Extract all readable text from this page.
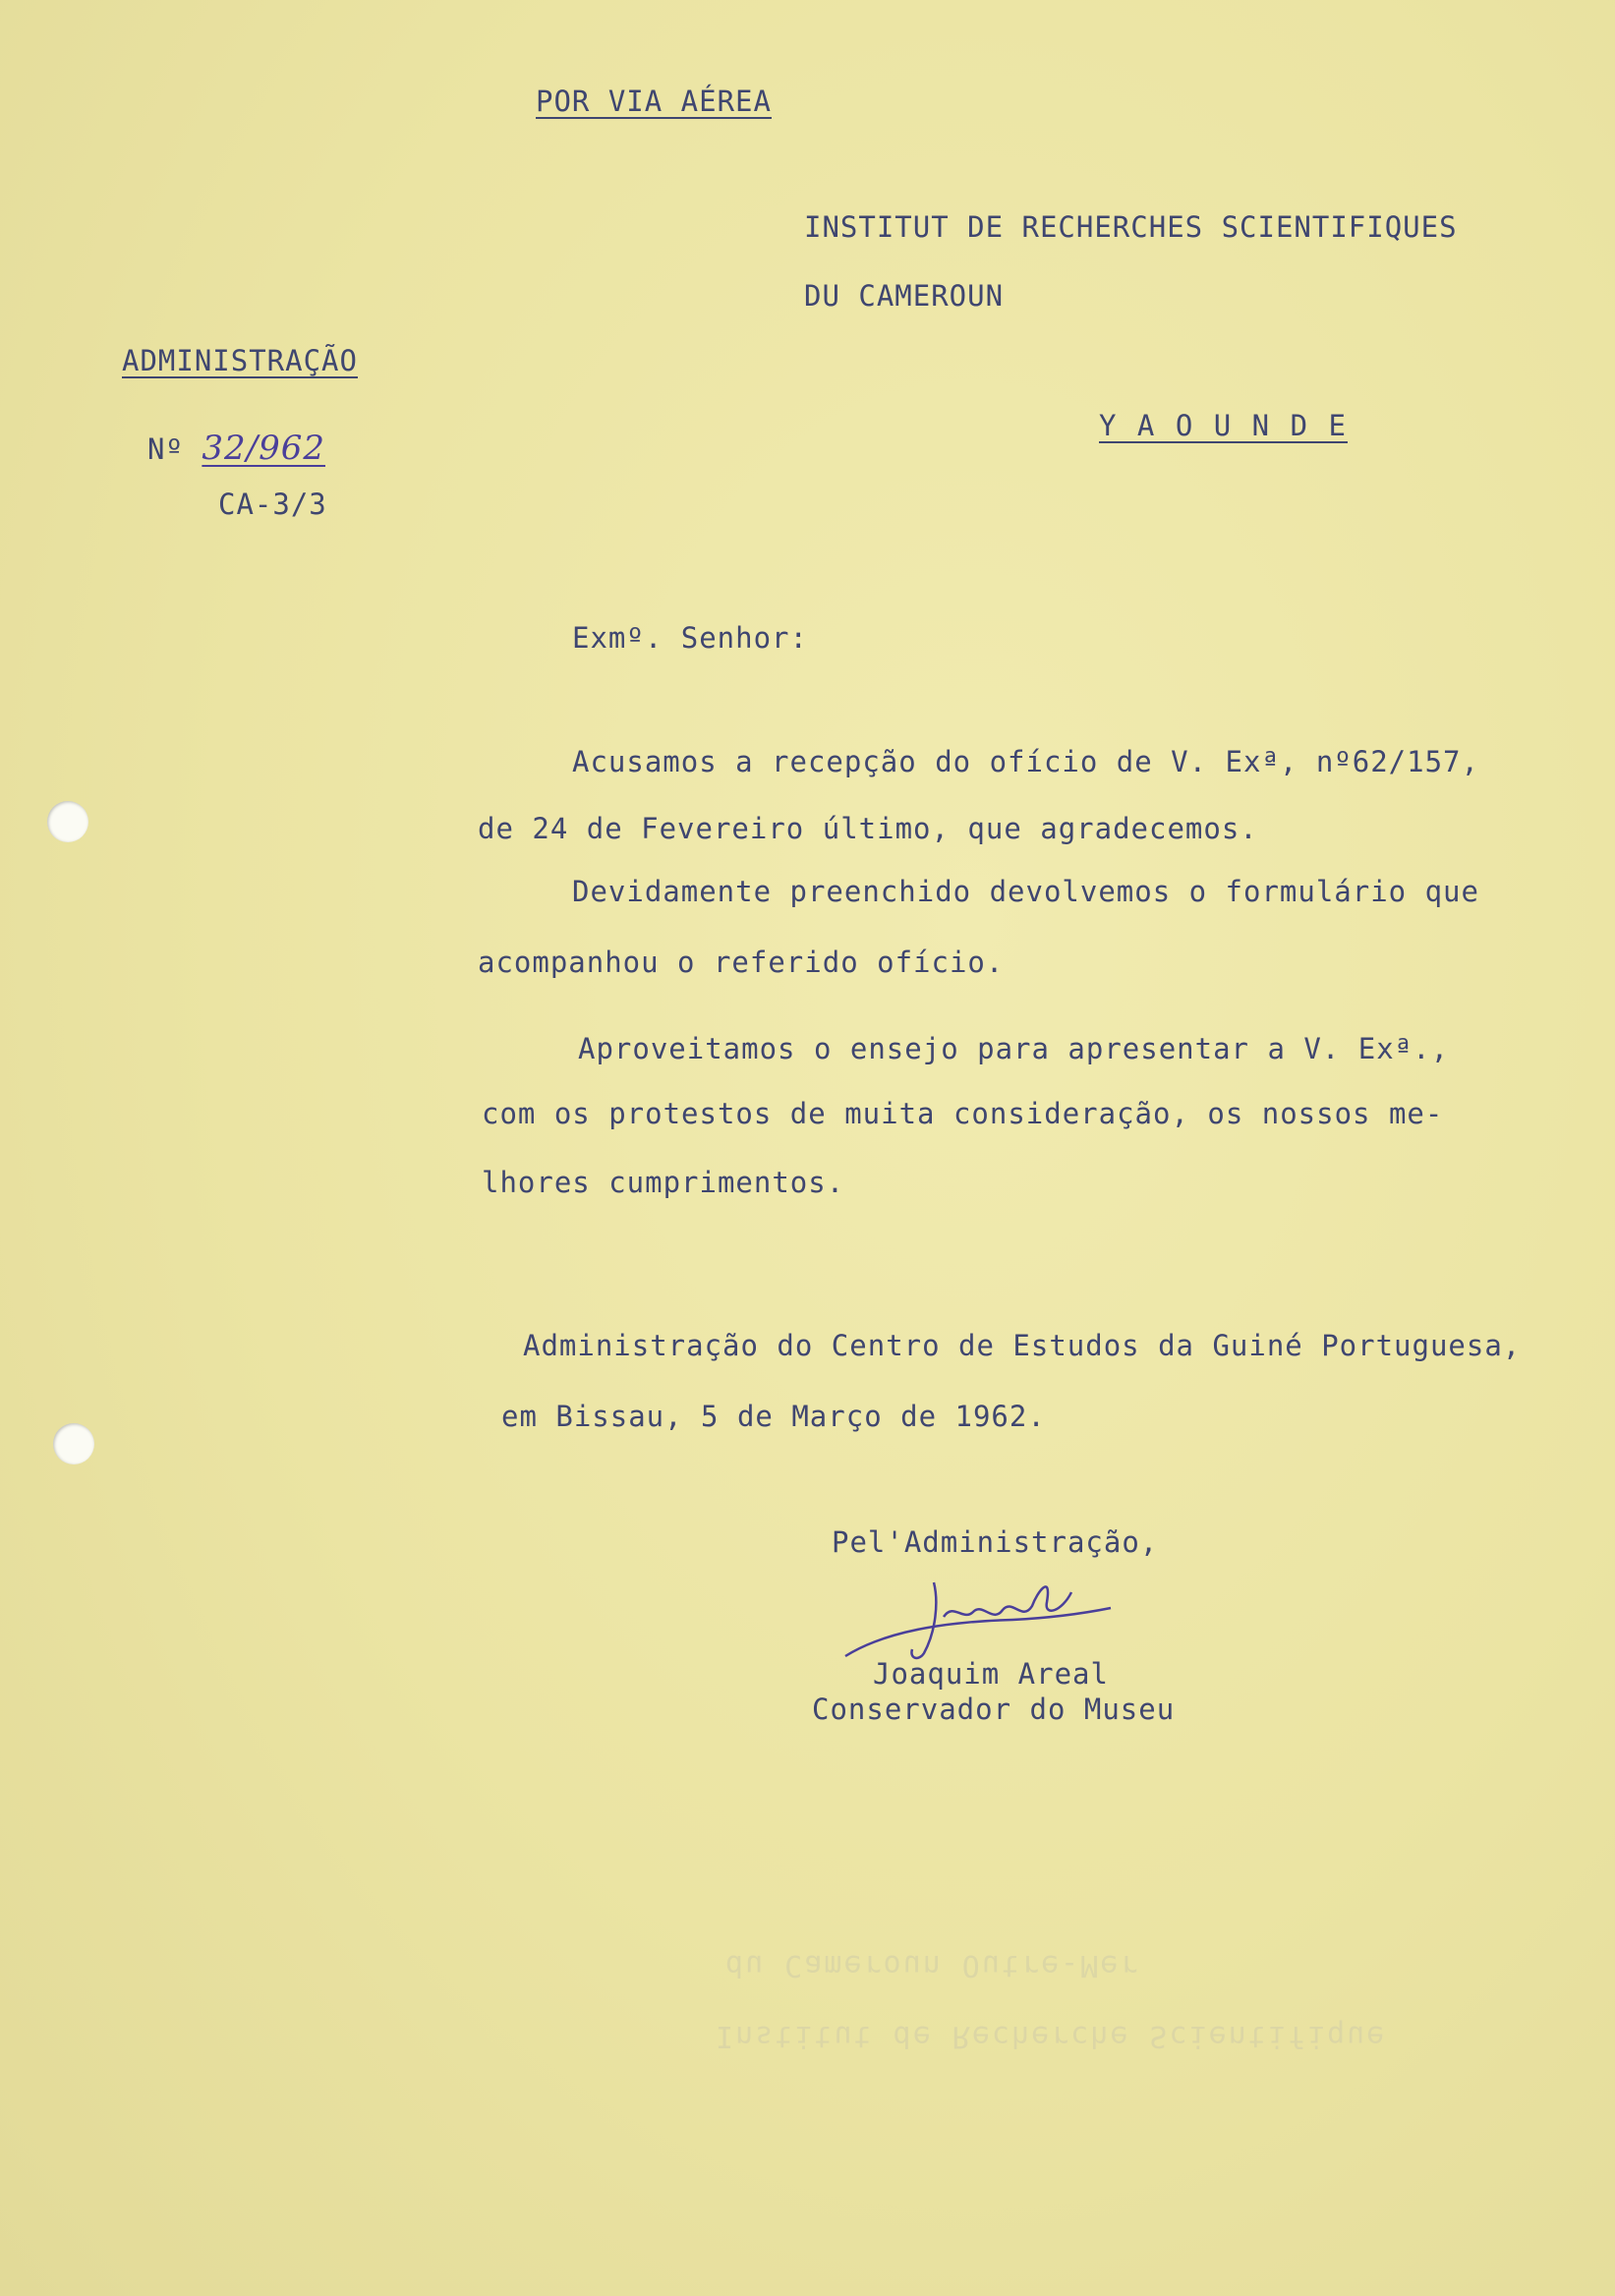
POR VIA AÉREA
INSTITUT DE RECHERCHES SCIENTIFIQUES
DU CAMEROUN
Y A O U N D E
ADMINISTRAÇÃO
Nº 32/962
CA-3/3
Exmº. Senhor:
Acusamos a recepção do ofício de V. Exª, nº62/157,
de 24 de Fevereiro último, que agradecemos.
Devidamente preenchido devolvemos o formulário que
acompanhou o referido ofício.
Aproveitamos o ensejo para apresentar a V. Exª.,
com os protestos de muita consideração, os nossos me-
lhores cumprimentos.
Administração do Centro de Estudos da Guiné Portuguesa,
em Bissau, 5 de Março de 1962.
Pel'Administração,
Joaquim Areal
Conservador do Museu
du Cameroun Outre-Mer
Institut de Recherche Scientifique
